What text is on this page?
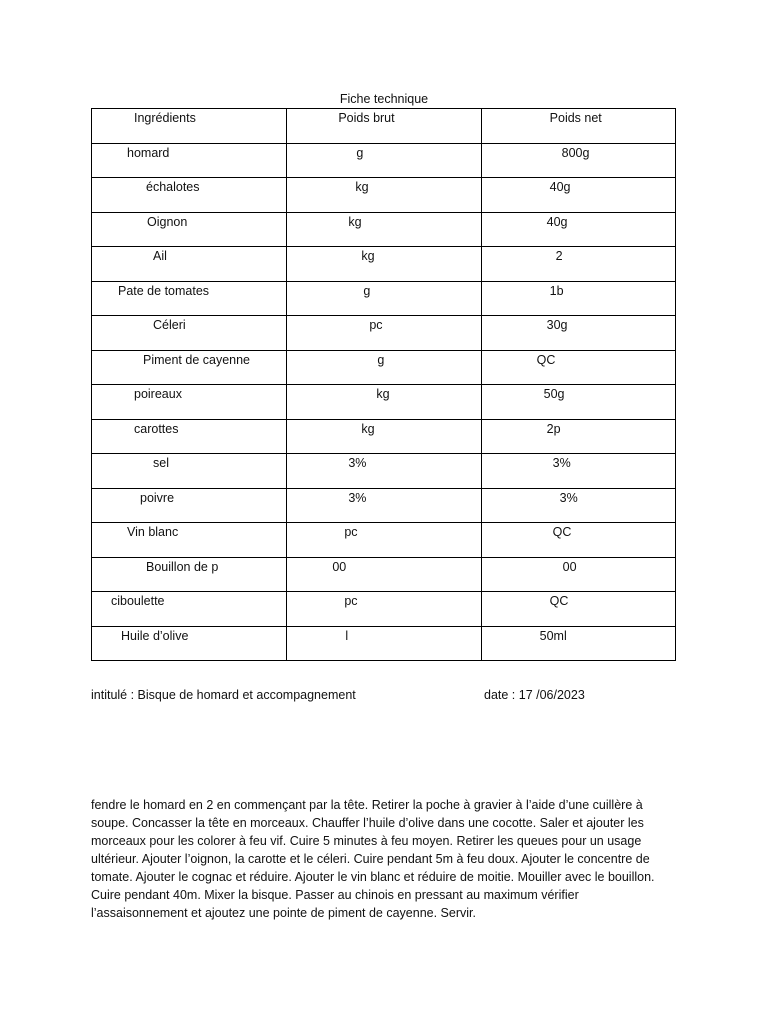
Fiche technique
Ingrédients	Poids brut	Poids net

homard	g	800g

échalotes	kg	40g

Oignon	kg	40g

Ail	kg	2

Pate de tomates	g	1b

Céleri	pc	30g

Piment de cayenne	g	QC

poireaux	kg	50g

carottes	kg	2p

sel	3%	3%

poivre	3%	3%

Vin blanc	pc	QC

Bouillon de p	00	00

ciboulette	pc	QC

Huile d’olive	l	50ml
intitulé : Bisque de homard et accompagnement	date : 17 /06/2023
fendre le homard en 2 en commençant par la tête. Retirer la poche à gravier à l’aide d’une cuillère à soupe. Concasser la tête en morceaux. Chauffer l’huile d’olive dans une cocotte. Saler et ajouter les morceaux pour les colorer à feu vif. Cuire 5 minutes à feu moyen. Retirer les queues pour un usage ultérieur. Ajouter l’oignon, la carotte et le céleri. Cuire pendant 5m à feu doux. Ajouter le concentre de tomate. Ajouter le cognac et réduire. Ajouter le vin blanc et réduire de moitie. Mouiller avec le bouillon. Cuire pendant 40m. Mixer la bisque. Passer au chinois en pressant au maximum vérifier l’assaisonnement et ajoutez une pointe de piment de cayenne. Servir.
